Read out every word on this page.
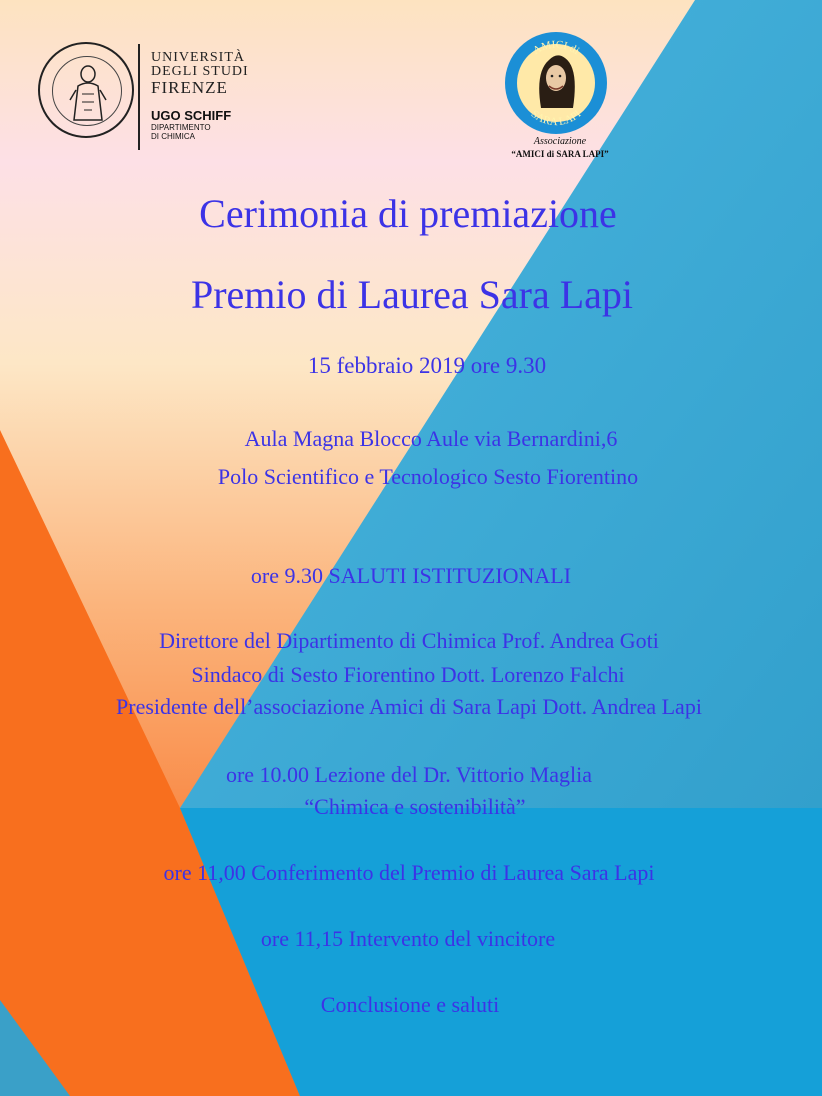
UNIVERSITÀ
DEGLI STUDI
FIRENZE
UGO SCHIFF
DIPARTIMENTO
DI CHIMICA
AMICI di
SARA LAPI
Associazione
“AMICI di SARA LAPI”
Cerimonia di premiazione
Premio di Laurea Sara Lapi
15 febbraio 2019 ore 9.30
Aula Magna Blocco Aule via Bernardini,6
Polo Scientifico e Tecnologico Sesto Fiorentino
ore 9.30 SALUTI ISTITUZIONALI
Direttore del Dipartimento di Chimica Prof. Andrea Goti
Sindaco di Sesto Fiorentino Dott. Lorenzo Falchi
Presidente dell’associazione Amici di Sara Lapi Dott. Andrea Lapi
ore 10.00 Lezione del Dr. Vittorio Maglia
“Chimica e sostenibilità”
ore 11,00 Conferimento del Premio di Laurea Sara Lapi
ore 11,15 Intervento del vincitore
Conclusione e saluti
